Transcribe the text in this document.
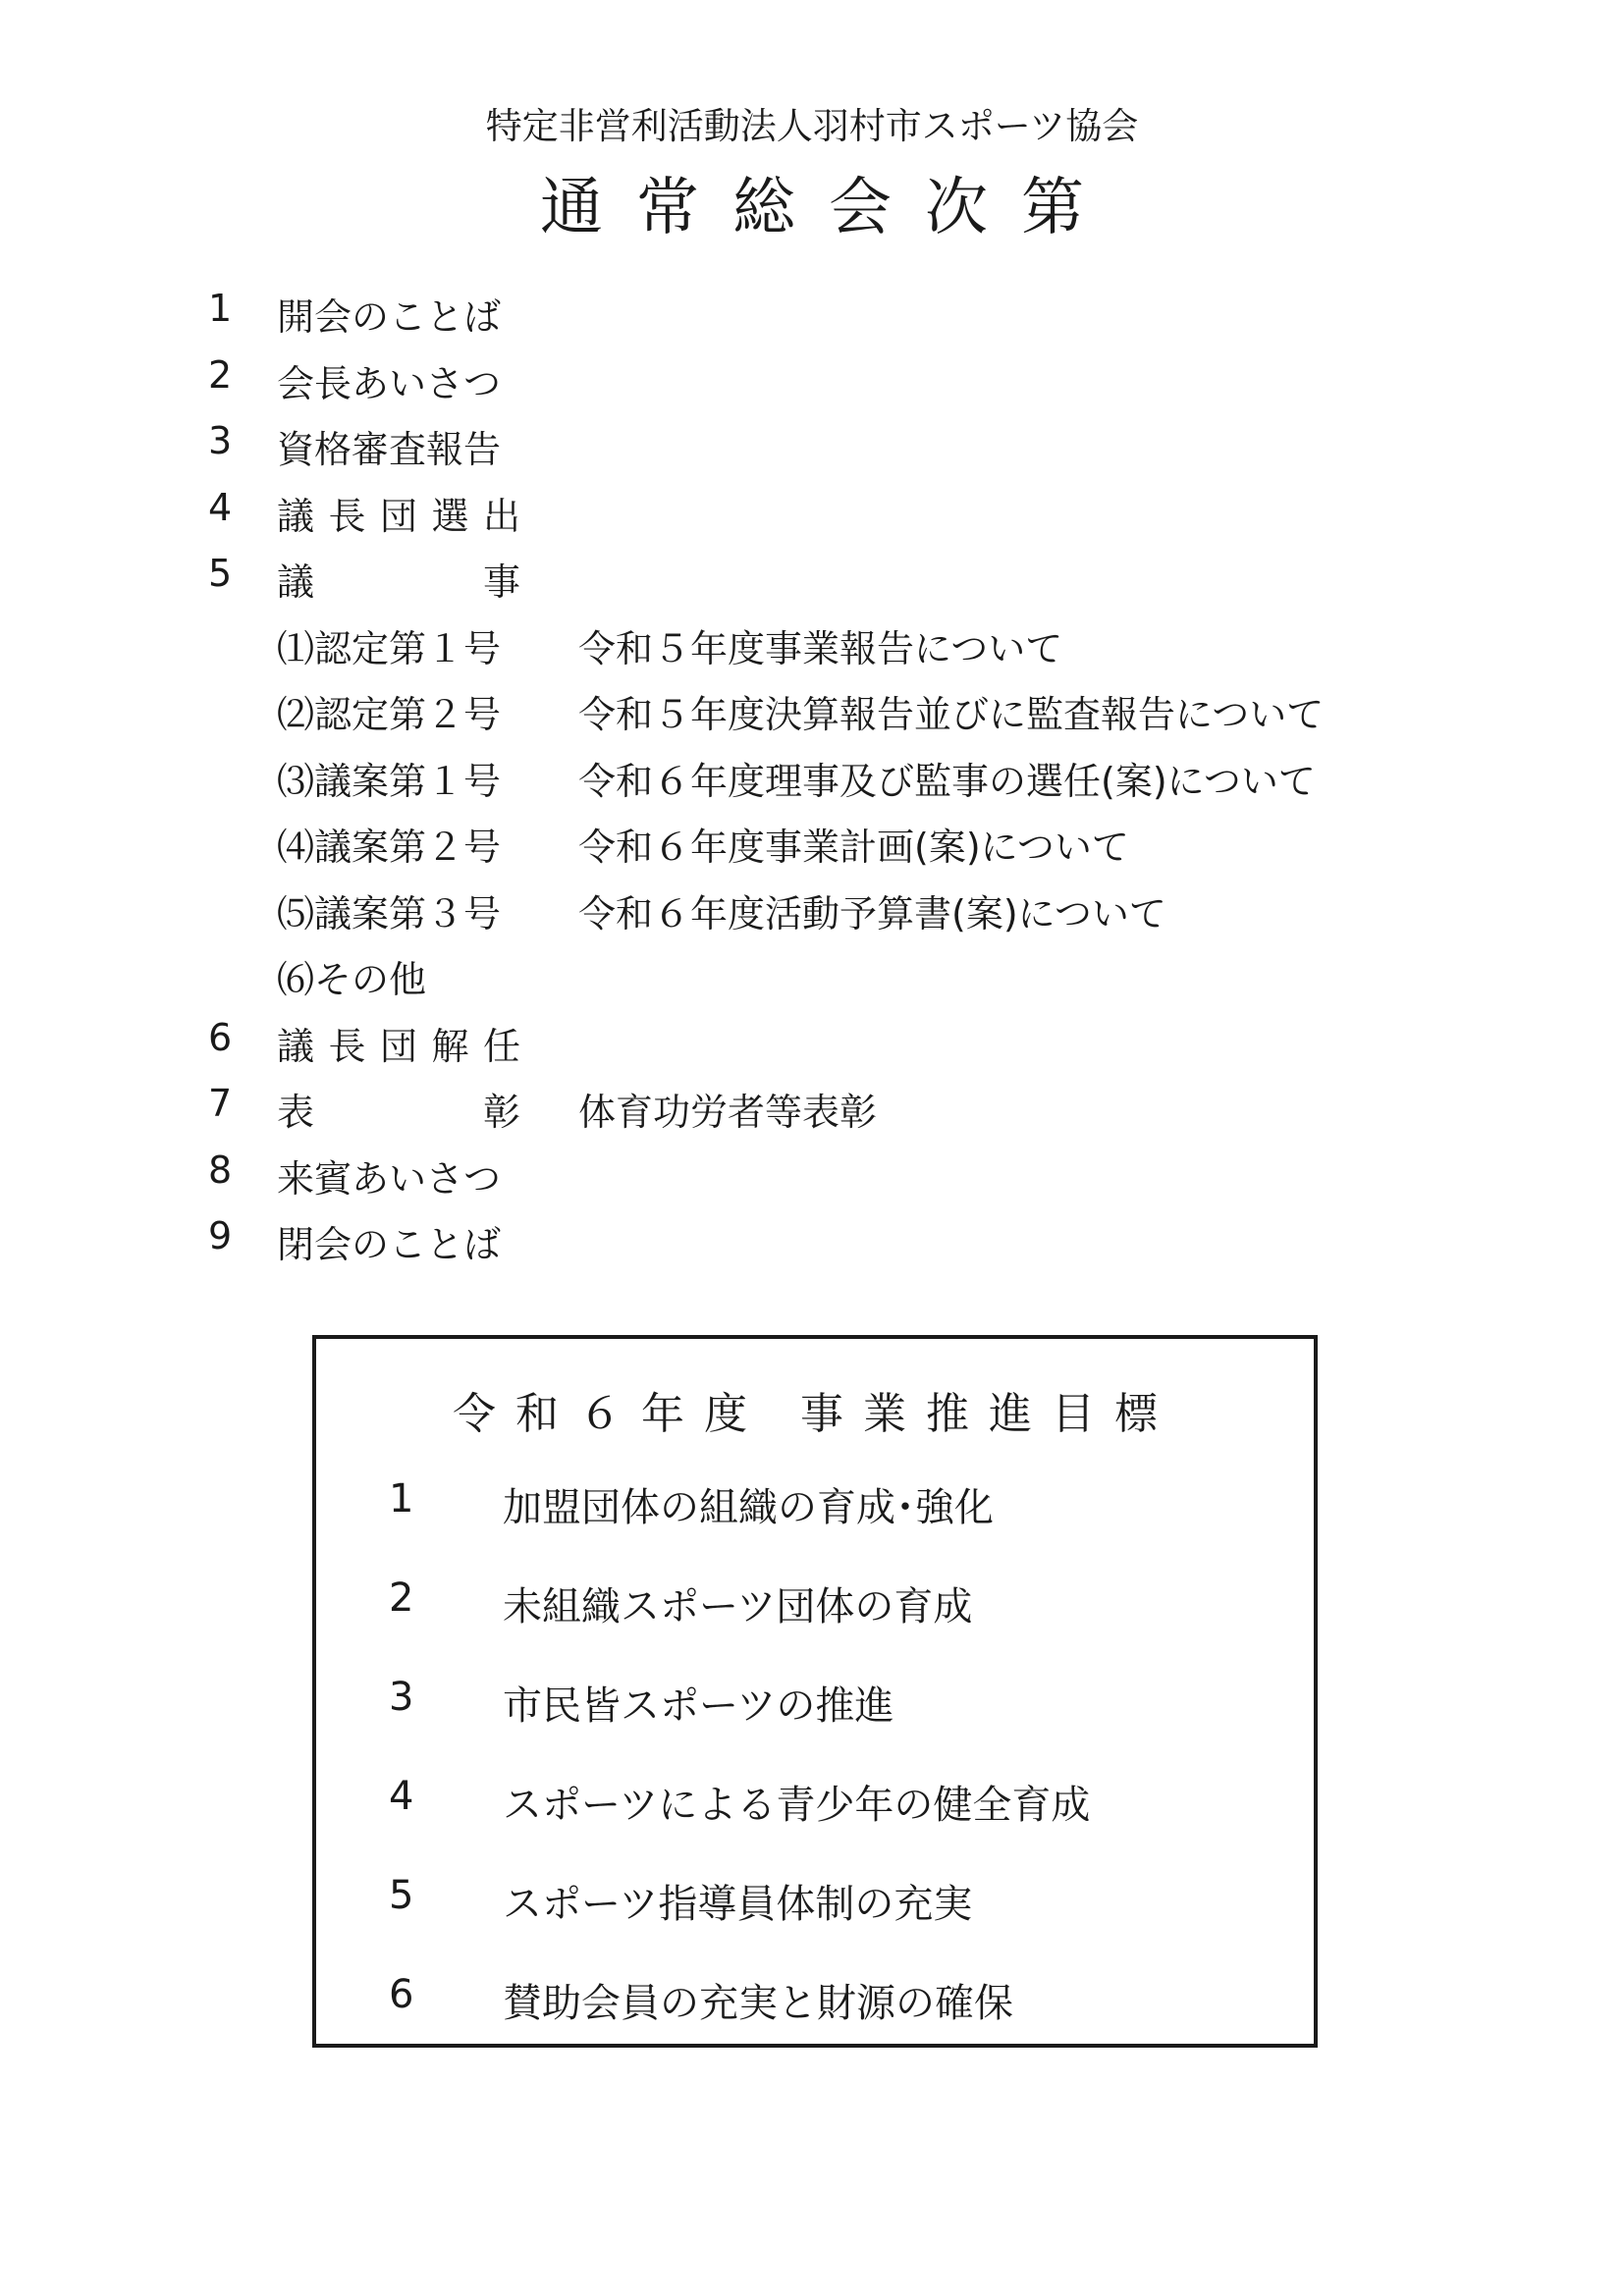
特定非営利活動法人羽村市スポーツ協会
通常総会次第
1	開会のことば
2	会長あいさつ
3	資格審査報告
4	議 長 団 選 出
5	議	事
⑴認定第１号 令和５年度事業報告について
⑵認定第２号 令和５年度決算報告並びに監査報告について
⑶議案第１号 令和６年度理事及び監事の選任(案)について
⑷議案第２号 令和６年度事業計画(案)について
⑸議案第３号 令和６年度活動予算書(案)について
⑹その他
6	議 長 団 解 任
7	表	彰 体育功労者等表彰
8	来賓あいさつ
9	閉会のことば
令和６年度 事業推進目標
1 加盟団体の組織の育成･強化
2 未組織スポーツ団体の育成
3 市民皆スポーツの推進
4 スポーツによる青少年の健全育成
5 スポーツ指導員体制の充実
6 賛助会員の充実と財源の確保
